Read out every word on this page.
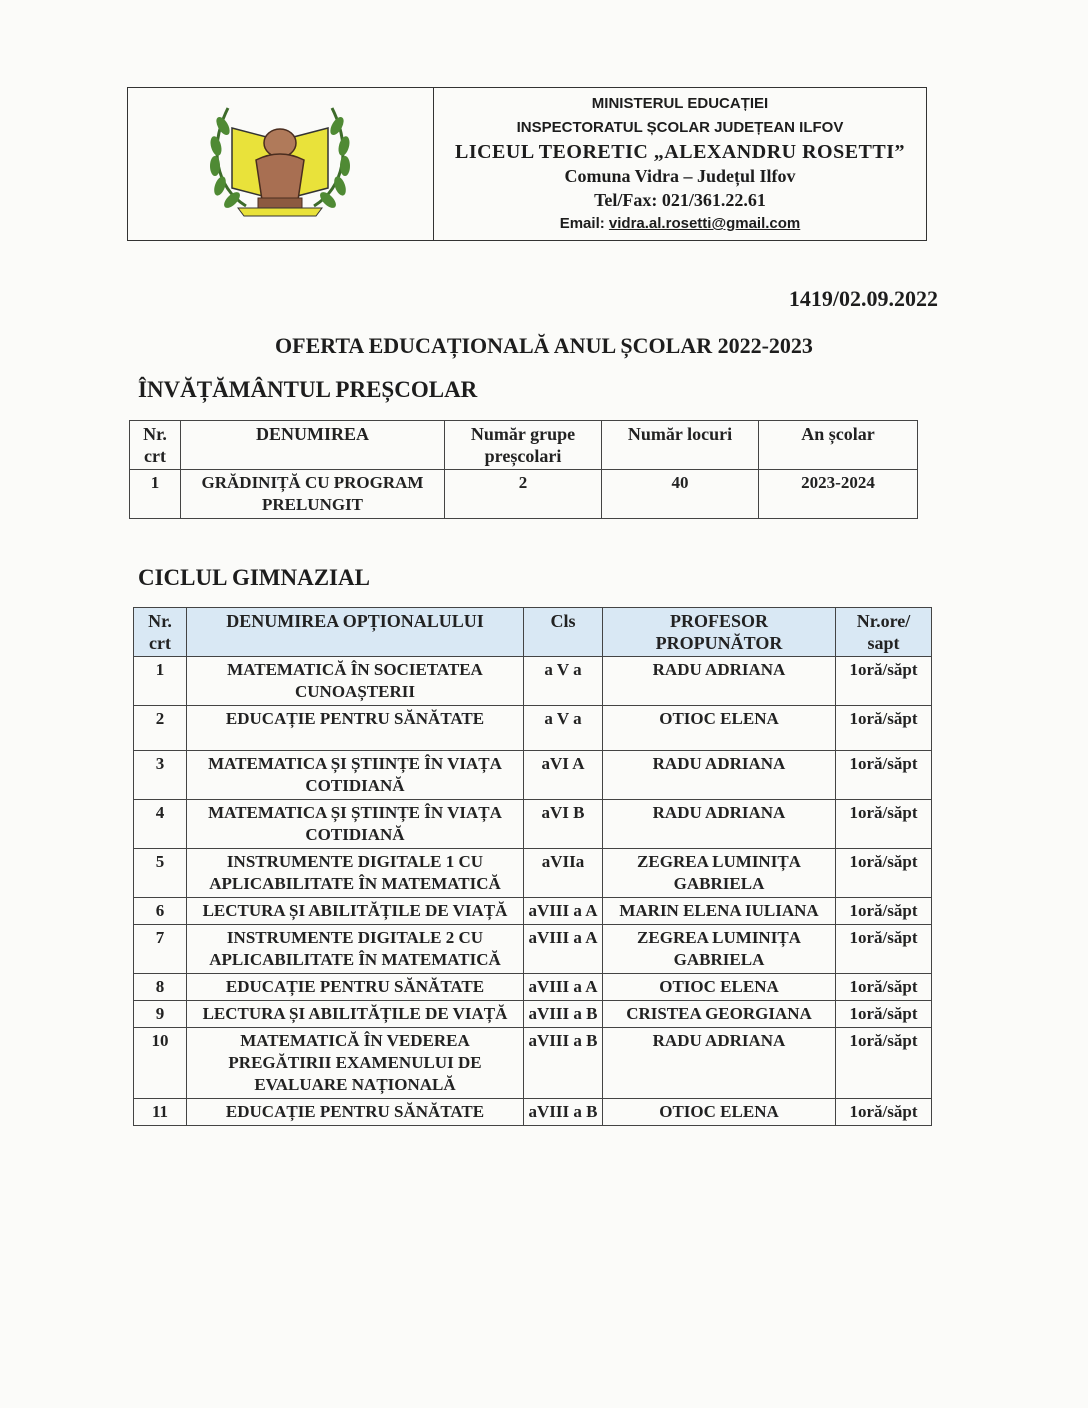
MINISTERUL EDUCAȚIEI
INSPECTORATUL ȘCOLAR JUDEȚEAN ILFOV
LICEUL TEORETIC „ALEXANDRU ROSETTI”
Comuna Vidra – Județul Ilfov
Tel/Fax: 021/361.22.61
Email: vidra.al.rosetti@gmail.com
1419/02.09.2022
OFERTA EDUCAȚIONALĂ ANUL ȘCOLAR 2022-2023
ÎNVĂȚĂMÂNTUL PREȘCOLAR
Nr. crt	DENUMIREA	Număr grupe preșcolari	Număr locuri	An școlar
1	GRĂDINIȚĂ CU PROGRAM PRELUNGIT	2	40	2023-2024
CICLUL GIMNAZIAL
Nr. crt	DENUMIREA OPȚIONALULUI	Cls	PROFESOR PROPUNĂTOR	Nr.ore/ sapt
1	MATEMATICĂ ÎN SOCIETATEA CUNOAȘTERII	a V a	RADU ADRIANA	1oră/săpt
2	EDUCAȚIE PENTRU SĂNĂTATE	a V a	OTIOC ELENA	1oră/săpt
3	MATEMATICA ȘI ȘTIINȚE ÎN VIAȚA COTIDIANĂ	aVI A	RADU ADRIANA	1oră/săpt
4	MATEMATICA ȘI ȘTIINȚE ÎN VIAȚA COTIDIANĂ	aVI B	RADU ADRIANA	1oră/săpt
5	INSTRUMENTE DIGITALE 1 CU APLICABILITATE ÎN MATEMATICĂ	aVIIa	ZEGREA LUMINIȚA GABRIELA	1oră/săpt
6	LECTURA ȘI ABILITĂȚILE DE VIAȚĂ	aVIII a A	MARIN ELENA IULIANA	1oră/săpt
7	INSTRUMENTE DIGITALE 2 CU APLICABILITATE ÎN MATEMATICĂ	aVIII a A	ZEGREA LUMINIȚA GABRIELA	1oră/săpt
8	EDUCAȚIE PENTRU SĂNĂTATE	aVIII a A	OTIOC ELENA	1oră/săpt
9	LECTURA ȘI ABILITĂȚILE DE VIAȚĂ	aVIII a B	CRISTEA GEORGIANA	1oră/săpt
10	MATEMATICĂ ÎN VEDEREA PREGĂTIRII EXAMENULUI DE EVALUARE NAȚIONALĂ	aVIII a B	RADU ADRIANA	1oră/săpt
11	EDUCAȚIE PENTRU SĂNĂTATE	aVIII a B	OTIOC ELENA	1oră/săpt
